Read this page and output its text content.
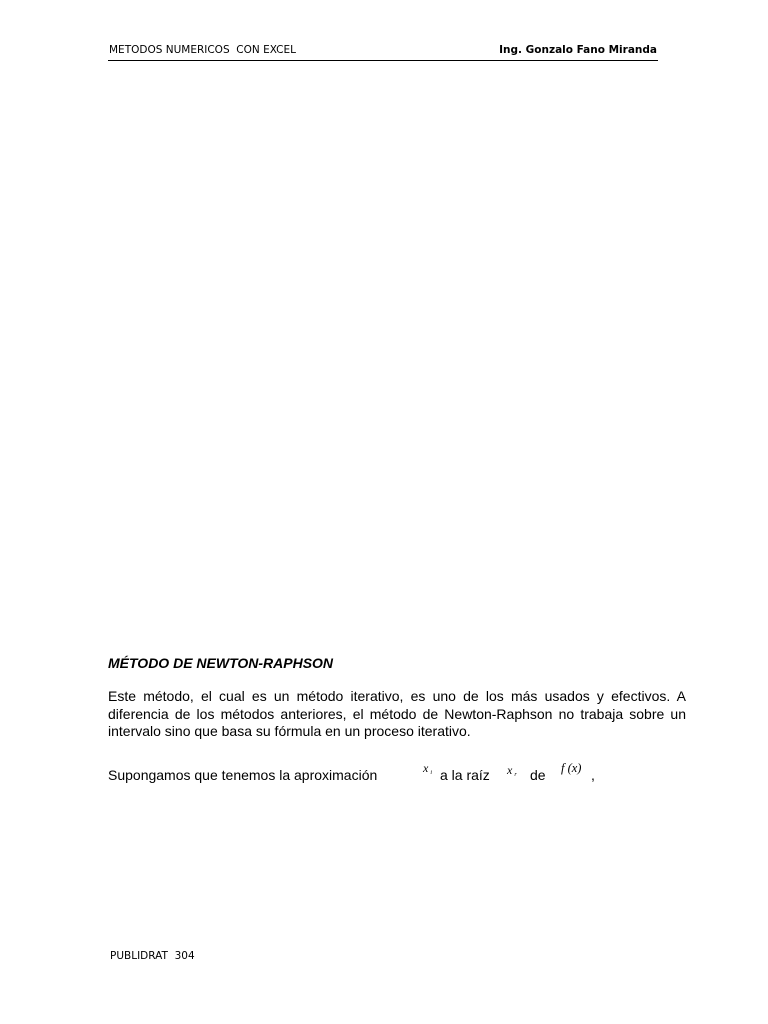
METODOS NUMERICOS  CON EXCEL	Ing. Gonzalo Fano Miranda
MÉTODO DE NEWTON-RAPHSON

Este método, el cual es un método iterativo, es uno de los más usados y efectivos. A diferencia de los métodos anteriores, el método de Newton-Raphson no trabaja sobre un intervalo sino que basa su fórmula en un proceso iterativo.

Supongamos que tenemos la aproximación	x $_i$ a la raíz x $_r$ de f (x) ,
PUBLIDRAT  304
